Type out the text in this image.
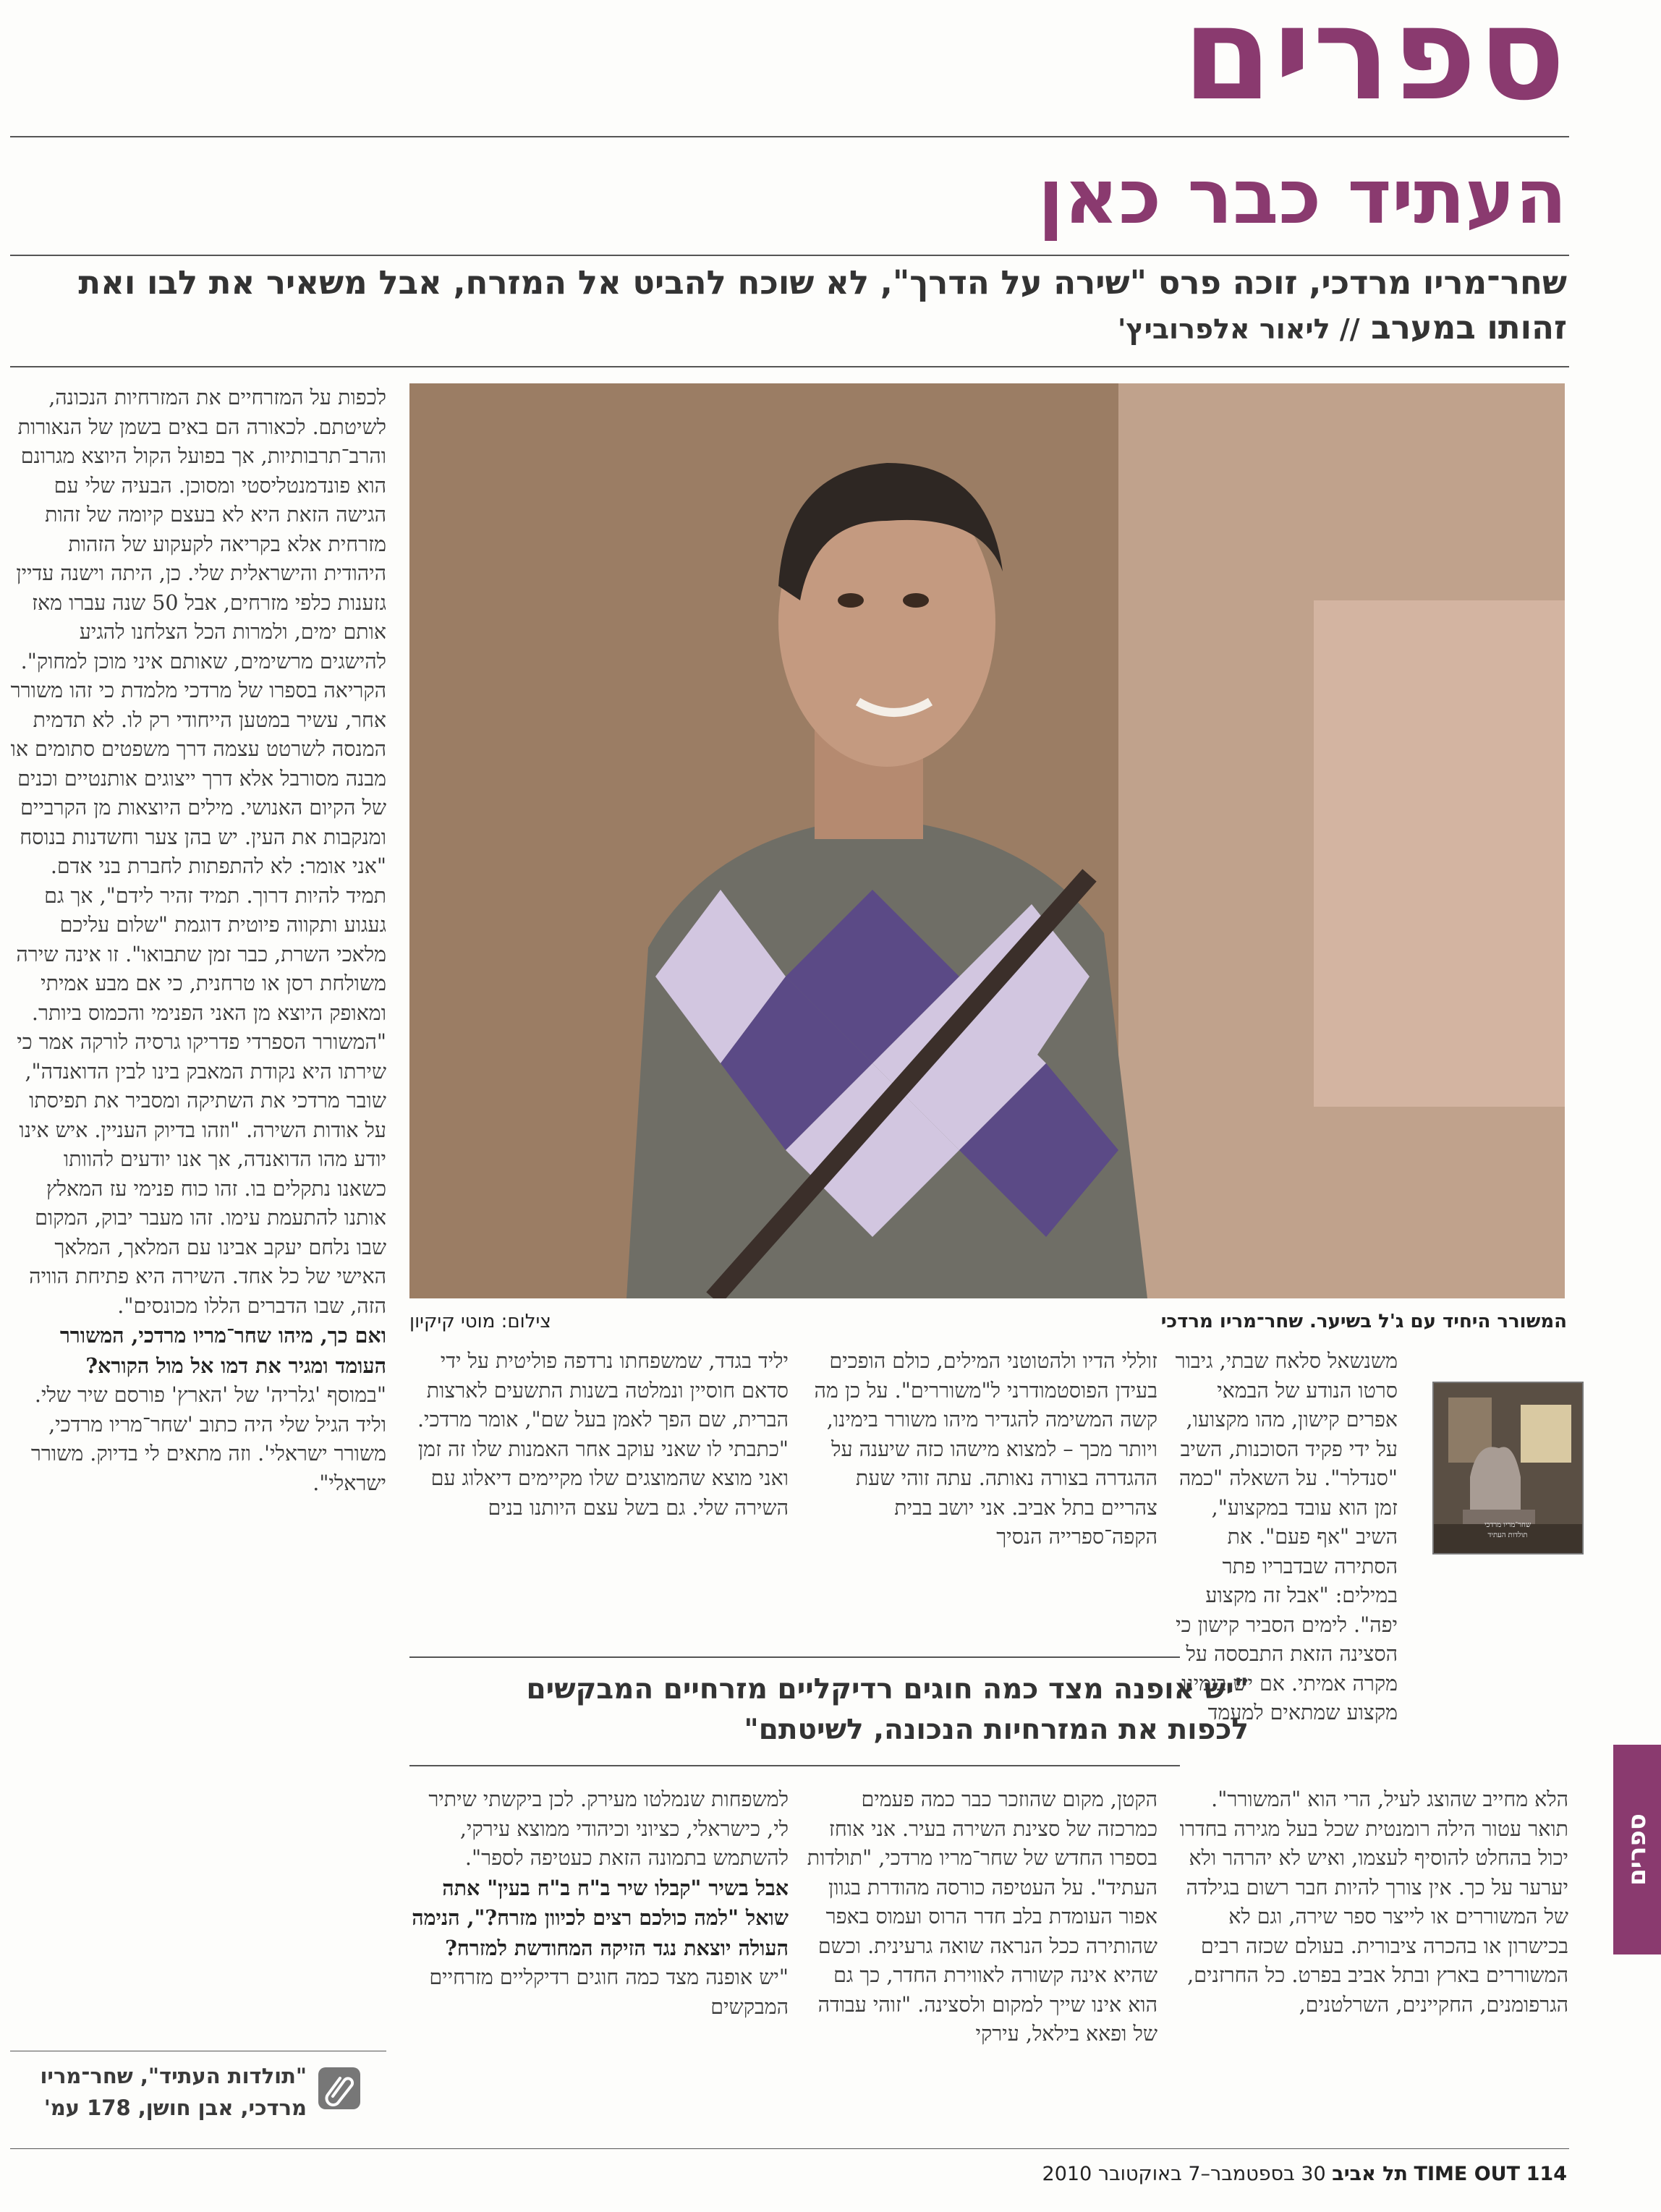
ספרים
העתיד כבר כאן
שחר־מריו מרדכי, זוכה פרס "שירה על הדרך", לא שוכח להביט אל המזרח, אבל משאיר את לבו ואת זהותו במערב // ליאור אלפרוביץ'

לכפות על המזרחיים את המזרחיות הנכונה, לשיטתם. לכאורה הם באים בשמן של הנאורות והרב־תרבותיות, אך בפועל הקול היוצא מגרונם הוא פונדמנטליסטי ומסוכן. הבעיה שלי עם הגישה הזאת היא לא בעצם קיומה של זהות מזרחית אלא בקריאה לקעקוע של הזהות היהודית והישראלית שלי. כן, היתה וישנה עדיין גזענות כלפי מזרחים, אבל 50 שנה עברו מאז אותם ימים, ולמרות הכל הצלחנו להגיע להישגים מרשימים, שאותם איני מוכן למחוק".

הקריאה בספרו של מרדכי מלמדת כי זהו משורר אחר, עשיר במטען הייחודי רק לו. לא תדמית המנסה לשרטט עצמה דרך משפטים סתומים או מבנה מסורבל אלא דרך ייצוגים אותנטיים וכנים של הקיום האנושי. מילים היוצאות מן הקרביים ומנקבות את העין. יש בהן צער וחשדנות בנוסח "אני אומר: לא להתפתות לחברת בני אדם. תמיד להיות דרוך. תמיד זהיר לידם", אך גם געגוע ותקווה פיוטית דוגמת "שלום עליכם מלאכי השרת, כבר זמן שתבואו". זו אינה שירה משולחת רסן או טרחנית, כי אם מבע אמיתי ומאופק היוצא מן האני הפנימי והכמוס ביותר.

"המשורר הספרדי פדריקו גרסיה לורקה אמר כי שירתו היא נקודת המאבק בינו לבין הדואנדה", שובר מרדכי את השתיקה ומסביר את תפיסתו על אודות השירה. "וזהו בדיוק העניין. איש אינו יודע מהו הדואנדה, אך אנו יודעים להוותו כשאנו נתקלים בו. זהו כוח פנימי עז המאלץ אותנו להתעמת עימו. זהו מעבר יבוק, המקום שבו נלחם יעקב אבינו עם המלאך, המלאך האישי של כל אחד. השירה היא פתיחת הוויה הזה, שבו הדברים הללו מכונסים".

ואם כך, מיהו שחר־מריו מרדכי, המשורר העומד ומגיר את דמו אל מול הקורא?

"במוסף 'גלריה' של 'הארץ' פורסם שיר שלי. וליד הגיל שלי היה כתוב 'שחר־מריו מרדכי, משורר ישראלי'. וזה מתאים לי בדיוק. משורר ישראלי".

"תולדות העתיד", שחר־מריו מרדכי, אבן חושן, 178 עמ'
המשורר היחיד עם ג'ל בשיער. שחר־מריו מרדכי
צילום: מוטי קיקיון
שחר־מריו מרדכי
תולדות העתיד

משנשאל סלאח שבתי, גיבור סרטו הנודע של הבמאי אפרים קישון, מהו מקצועו, על ידי פקיד הסוכנות, השיב "סנדלר". על השאלה "כמה זמן הוא עובד במקצוע", השיב "אף פעם". את הסתירה שבדבריו פתר במילים: "אבל זה מקצוע יפה". לימים הסביר קישון כי הסצינה הזאת התבססה על מקרה אמיתי. אם יש בימינו מקצוע שמתאים למעמד

זוללי הדיו ולהטוטני המילים, כולם הופכים בעידן הפוסטמודרני ל"משוררים". על כן מה קשה המשימה להגדיר מיהו משורר בימינו, ויותר מכך – למצוא מישהו כזה שיענה על ההגדרה בצורה נאותה. עתה זוהי שעת צהריים בתל אביב. אני יושב בבית הקפה־ספרייה הנסיך
יליד בגדד, שמשפחתו נרדפה פוליטית על ידי סדאם חוסיין ונמלטה בשנות התשעים לארצות הברית, שם הפך לאמן בעל שם", אומר מרדכי. "כתבתי לו שאני עוקב אחר האמנות שלו זה זמן ואני מוצא שהמוצגים שלו מקיימים דיאלוג עם השירה שלי. גם בשל עצם היותנו בנים
"יש אופנה מצד כמה חוגים רדיקליים מזרחיים המבקשים לכפות את המזרחיות הנכונה, לשיטתם"
הלא מחייב שהוצג לעיל, הרי הוא "המשורר". תואר עטור הילה רומנטית שכל בעל מגירה בחדרו יכול בהחלט להוסיף לעצמו, ואיש לא יהרהר ולא יערער על כך. אין צורך להיות חבר רשום בגילדה של המשוררים או לייצר ספר שירה, וגם לא בכישרון או בהכרה ציבורית. בעולם שכזה רבים המשוררים בארץ ובתל אביב בפרט. כל החרזנים, הגרפומנים, החקיינים, השרלטנים,
הקטן, מקום שהוזכר כבר כמה פעמים כמרכזה של סצינת השירה בעיר. אני אוחז בספרו החדש של שחר־מריו מרדכי, "תולדות העתיד". על העטיפה כורסה מהודרת בגוון אפור העומדת בלב חדר הרוס ועמוס באפר שהותירה ככל הנראה שואה גרעינית. וכשם שהיא אינה קשורה לאווירת החדר, כך גם הוא אינו שייך למקום ולסצינה. "זוהי עבודה של ופאא בילאל, עירקי

למשפחות שנמלטו מעירק. לכן ביקשתי שיתיר לי, כישראלי, כציוני וכיהודי ממוצא עירקי, להשתמש בתמונה הזאת כעטיפה לספר".

אבל בשיר "קבלו שיר ב"ח ב"ח בעין" אתה שואל "למה כולכם רצים לכיוון מזרח?", הנימה העולה יוצאת נגד הזיקה המחודשת למזרח?

"יש אופנה מצד כמה חוגים רדיקליים מזרחיים המבקשים

ספרים
114 TIME OUT תל אביב 30 בספטמבר–7 באוקטובר 2010
